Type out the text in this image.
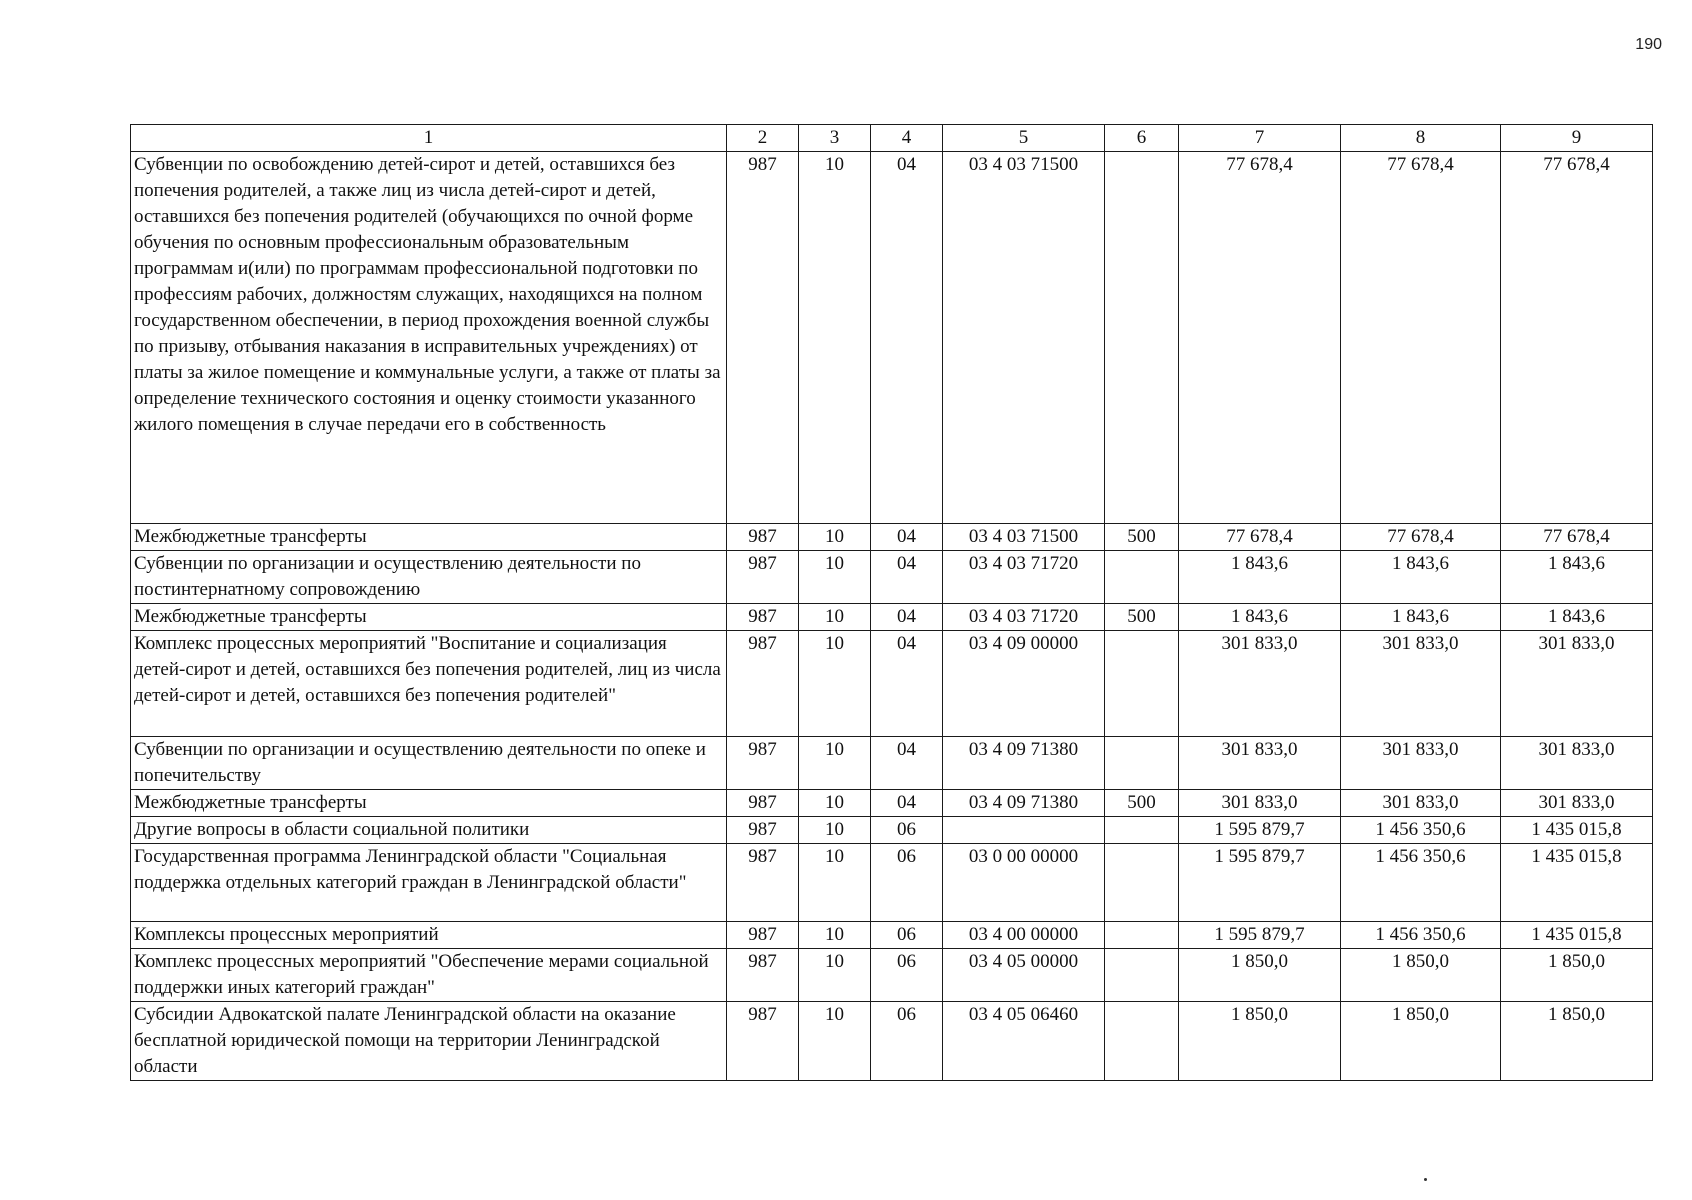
190
1	2	3	4	5	6	7	8	9
Субвенции по освобождению детей-сирот и детей, оставшихся без попечения родителей, а также лиц из числа детей-сирот и детей, оставшихся без попечения родителей (обучающихся по очной форме обучения по основным профессиональным образовательным программам и(или) по программам профессиональной подготовки по профессиям рабочих, должностям служащих, находящихся на полном государственном обеспечении, в период прохождения военной службы по призыву, отбывания наказания в исправительных учреждениях) от платы за жилое помещение и коммунальные услуги, а также от платы за определение технического состояния и оценку стоимости указанного жилого помещения в случае передачи его в собственность	987	10	04	03 4 03 71500		77 678,4	77 678,4	77 678,4
Межбюджетные трансферты	987	10	04	03 4 03 71500	500	77 678,4	77 678,4	77 678,4
Субвенции по организации и осуществлению деятельности по постинтернатному сопровождению	987	10	04	03 4 03 71720		1 843,6	1 843,6	1 843,6
Межбюджетные трансферты	987	10	04	03 4 03 71720	500	1 843,6	1 843,6	1 843,6
Комплекс процессных мероприятий "Воспитание и социализация детей-сирот и детей, оставшихся без попечения родителей, лиц из числа детей-сирот и детей, оставшихся без попечения родителей"	987	10	04	03 4 09 00000		301 833,0	301 833,0	301 833,0
Субвенции по организации и осуществлению деятельности по опеке и попечительству	987	10	04	03 4 09 71380		301 833,0	301 833,0	301 833,0
Межбюджетные трансферты	987	10	04	03 4 09 71380	500	301 833,0	301 833,0	301 833,0
Другие вопросы в области социальной политики	987	10	06			1 595 879,7	1 456 350,6	1 435 015,8
Государственная программа Ленинградской области "Социальная поддержка отдельных категорий граждан в Ленинградской области"	987	10	06	03 0 00 00000		1 595 879,7	1 456 350,6	1 435 015,8
Комплексы процессных мероприятий	987	10	06	03 4 00 00000		1 595 879,7	1 456 350,6	1 435 015,8
Комплекс процессных мероприятий "Обеспечение мерами социальной поддержки иных категорий граждан"	987	10	06	03 4 05 00000		1 850,0	1 850,0	1 850,0
Субсидии Адвокатской палате Ленинградской области на оказание бесплатной юридической помощи на территории Ленинградской области	987	10	06	03 4 05 06460		1 850,0	1 850,0	1 850,0
